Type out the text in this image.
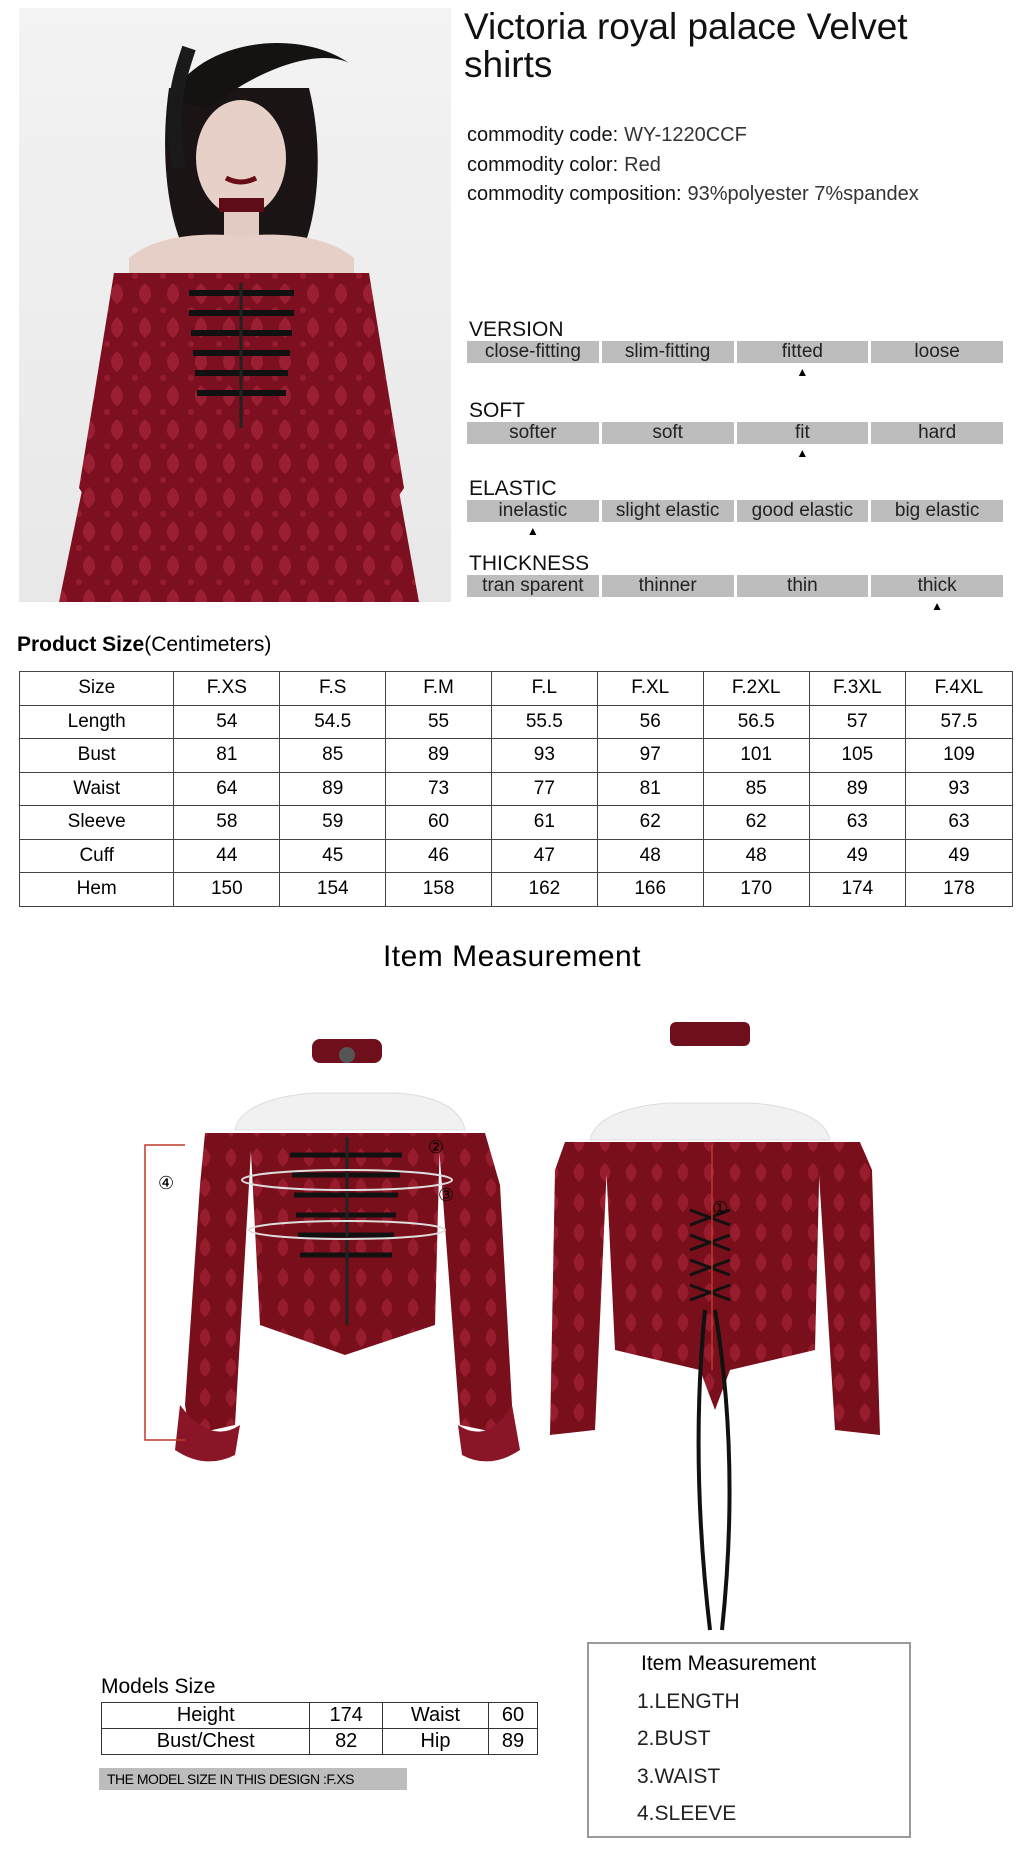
Victoria royal palace Velvet shirts
commodity code: WY-1220CCF
commodity color: Red
commodity composition: 93%polyester 7%spandex
VERSION
close-fitting	slim-fitting	fitted	loose
▲
SOFT
softer	soft	fit	hard
▲
ELASTIC
inelastic	slight elastic	good elastic	big elastic
▲
THICKNESS
tran sparent	thinner	thin	thick
▲
Product Size(Centimeters)
Size	F.XS	F.S	F.M	F.L	F.XL	F.2XL	F.3XL	F.4XL
Length	54	54.5	55	55.5	56	56.5	57	57.5
Bust	81	85	89	93	97	101	105	109
Waist	64	89	73	77	81	85	89	93
Sleeve	58	59	60	61	62	62	63	63
Cuff	44	45	46	47	48	48	49	49
Hem	150	154	158	162	166	170	174	178
Item Measurement
②
③
④
①
Models Size
Height	174	Waist	60
Bust/Chest	82	Hip	89
THE MODEL SIZE IN THIS DESIGN :F.XS
Item Measurement
1.LENGTH
2.BUST
3.WAIST
4.SLEEVE
